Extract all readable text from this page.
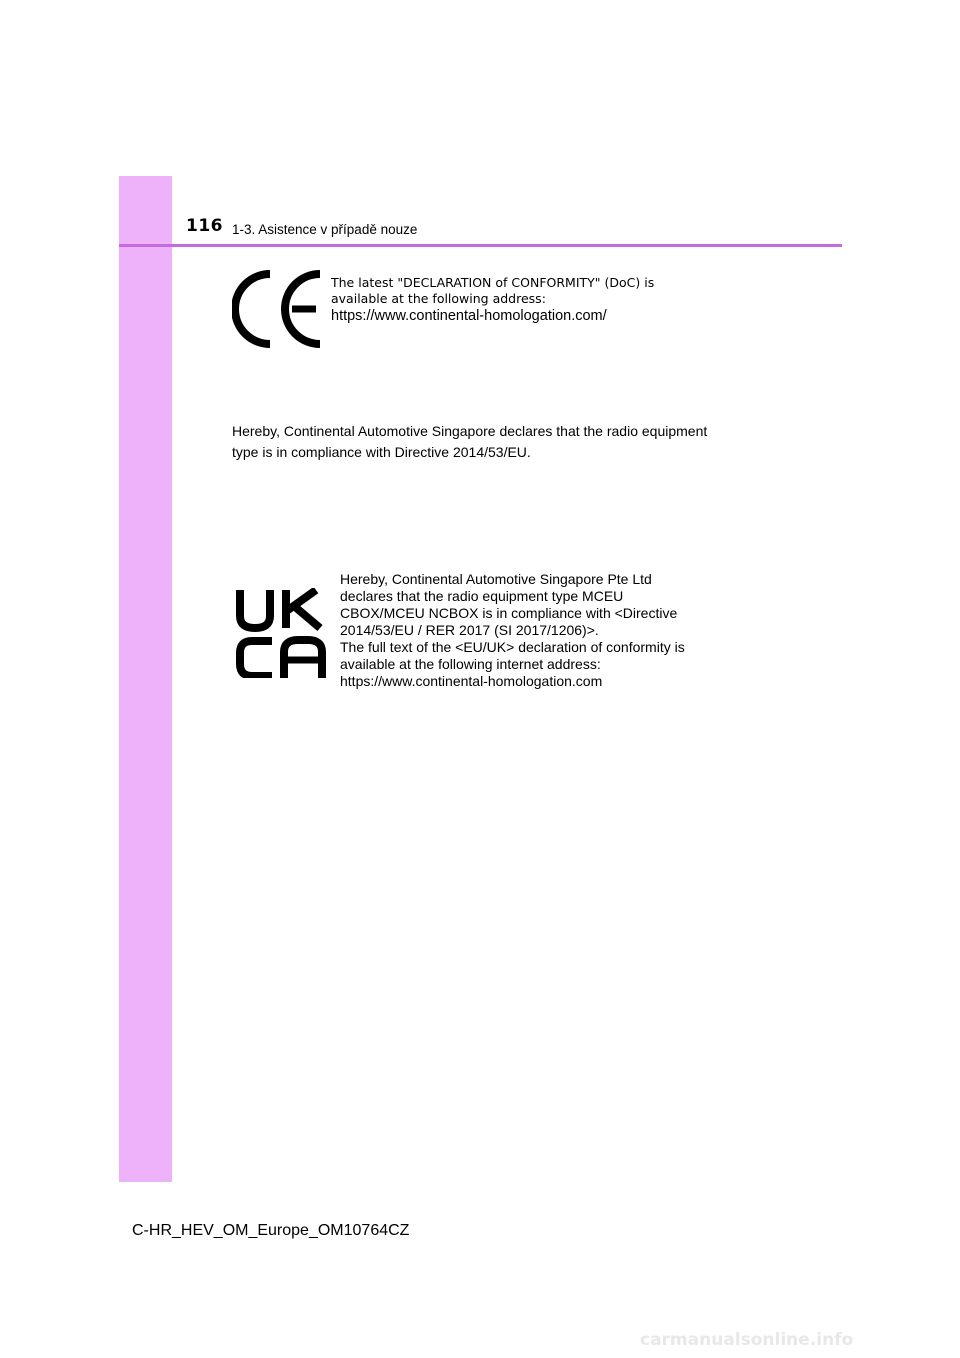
116 1-3. Asistence v případě nouze
The latest "DECLARATION of CONFORMITY" (DoC) is
available at the following address:
https://www.continental-homologation.com/
Hereby, Continental Automotive Singapore declares that the radio equipment
type is in compliance with Directive 2014/53/EU.
Hereby, Continental Automotive Singapore Pte Ltd
declares that the radio equipment type MCEU
CBOX/MCEU NCBOX is in compliance with <Directive
2014/53/EU / RER 2017 (SI 2017/1206)>.
The full text of the <EU/UK> declaration of conformity is
available at the following internet address:
https://www.continental-homologation.com
C-HR_HEV_OM_Europe_OM10764CZ
carmanualsonline.info
